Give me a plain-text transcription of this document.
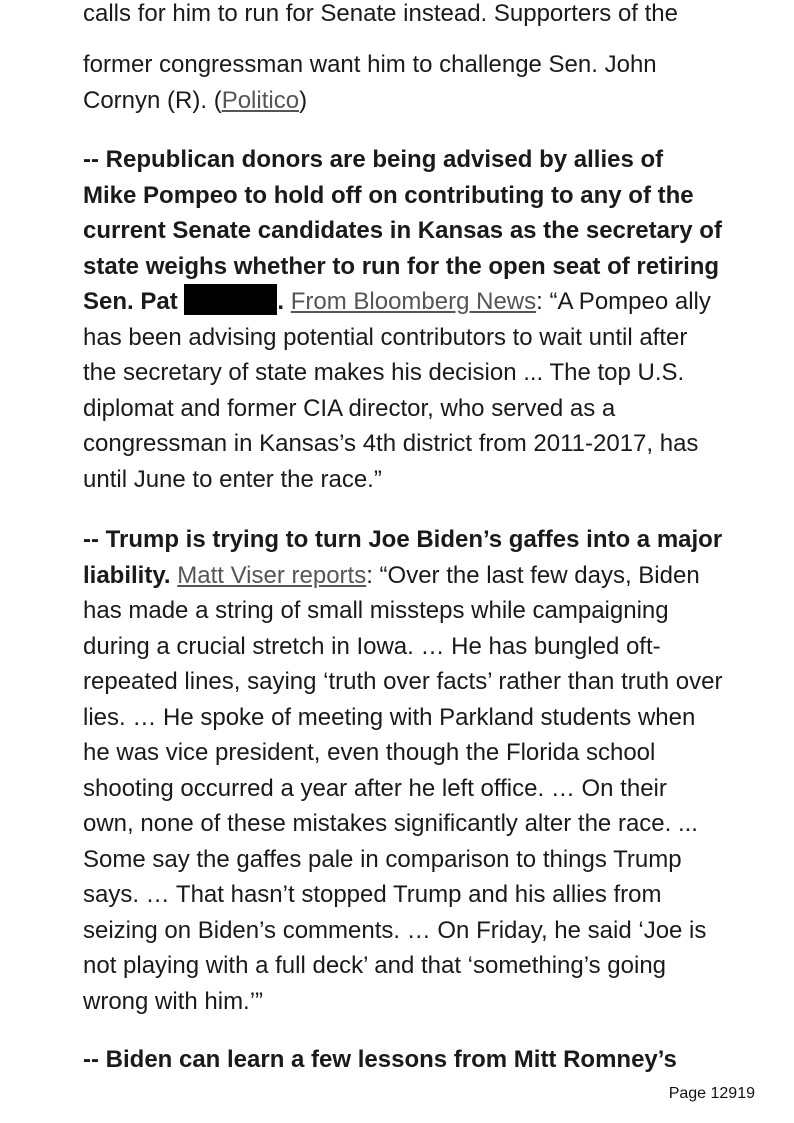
calls for him to run for Senate instead. Supporters of the

former congressman want him to challenge Sen. John Cornyn (R). (Politico)

-- Republican donors are being advised by allies of Mike Pompeo to hold off on contributing to any of the current Senate candidates in Kansas as the secretary of state weighs whether to run for the open seat of retiring Sen. Pat	. From Bloomberg News: “A Pompeo ally has been advising potential contributors to wait until after the secretary of state makes his decision ... The top U.S. diplomat and former CIA director, who served as a congressman in Kansas’s 4th district from 2011-2017, has until June to enter the race.”

-- Trump is trying to turn Joe Biden’s gaffes into a major liability. Matt Viser reports: “Over the last few days, Biden has made a string of small missteps while campaigning during a crucial stretch in Iowa. … He has bungled oft-repeated lines, saying ‘truth over facts’ rather than truth over lies. … He spoke of meeting with Parkland students when he was vice president, even though the Florida school shooting occurred a year after he left office. … On their own, none of these mistakes significantly alter the race. ... Some say the gaffes pale in comparison to things Trump says. … That hasn’t stopped Trump and his allies from seizing on Biden’s comments. … On Friday, he said ‘Joe is not playing with a full deck’ and that ‘something’s going wrong with him.’”

-- Biden can learn a few lessons from Mitt Romney’s

Page 12919
